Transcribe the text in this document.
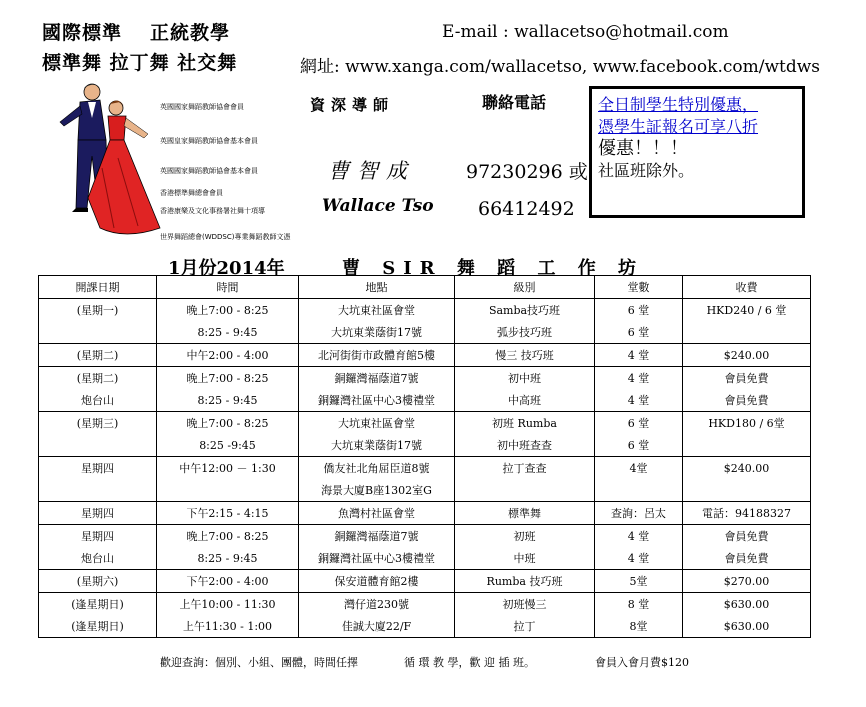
國際標準 正統教學
標準舞 拉丁舞 社交舞
E-mail : wallacetso@hotmail.com
網址: www.xanga.com/wallacetso, www.facebook.com/wtdws
英國國家舞蹈教師協會會員
英國皇家舞蹈教師協會基本會員
英國國家舞蹈教師協會基本會員
香港標準舞總會會員
香港康樂及文化事務署社舞十項導
世界舞蹈總會(WDDSC)專業舞蹈教師文憑
資深導師
曹智成
Wallace Tso
聯絡電話
97230296 或
66412492
全日制學生特別優惠，
憑學生証報名可享八折
優惠！！！
社區班除外。
1月份2014年	曹 SIR 舞 蹈 工 作 坊
開課日期	時間	地點	級別	堂數	收費
(星期一)	晚上7:00 - 8:25	大坑東社區會堂	Samba技巧班	6 堂	HKD240 / 6 堂
	8:25 - 9:45	大坑東業蔭街17號	弧步技巧班	6 堂	
(星期二)	中午2:00 - 4:00	北河街街市政體育館5樓	慢三 技巧班	4 堂	$240.00
(星期二)	晚上7:00 - 8:25	銅鑼灣福蔭道7號	初中班	4 堂	會員免費
炮台山	8:25 - 9:45	銅鑼灣社區中心3樓禮堂	中高班	4 堂	會員免費
(星期三)	晚上7:00 - 8:25	大坑東社區會堂	初班 Rumba	6 堂	HKD180 / 6堂
	8:25 -9:45	大坑東業蔭街17號	初中班查查	6 堂	
星期四	中午12:00 － 1:30	僑友社北角屈臣道8號	拉丁查查	4堂	$240.00
		海景大廈B座1302室G			
星期四	下午2:15 - 4:15	魚灣村社區會堂	標準舞	查詢：呂太	電話：94188327
星期四	晚上7:00 - 8:25	銅鑼灣福蔭道7號	初班	4 堂	會員免費
炮台山	8:25 - 9:45	銅鑼灣社區中心3樓禮堂	中班	4 堂	會員免費
(星期六)	下午2:00 - 4:00	保安道體育館2樓	Rumba 技巧班	5堂	$270.00
(逢星期日)	上午10:00 - 11:30	灣仔道230號	初班慢三	8 堂	$630.00
(逢星期日)	上午11:30 - 1:00	佳誠大廈22/F	拉丁	8堂	$630.00
歡迎查詢：個別、小組、團體，時間任擇	循 環 教 學，歡 迎 插 班。	會員入會月費$120
